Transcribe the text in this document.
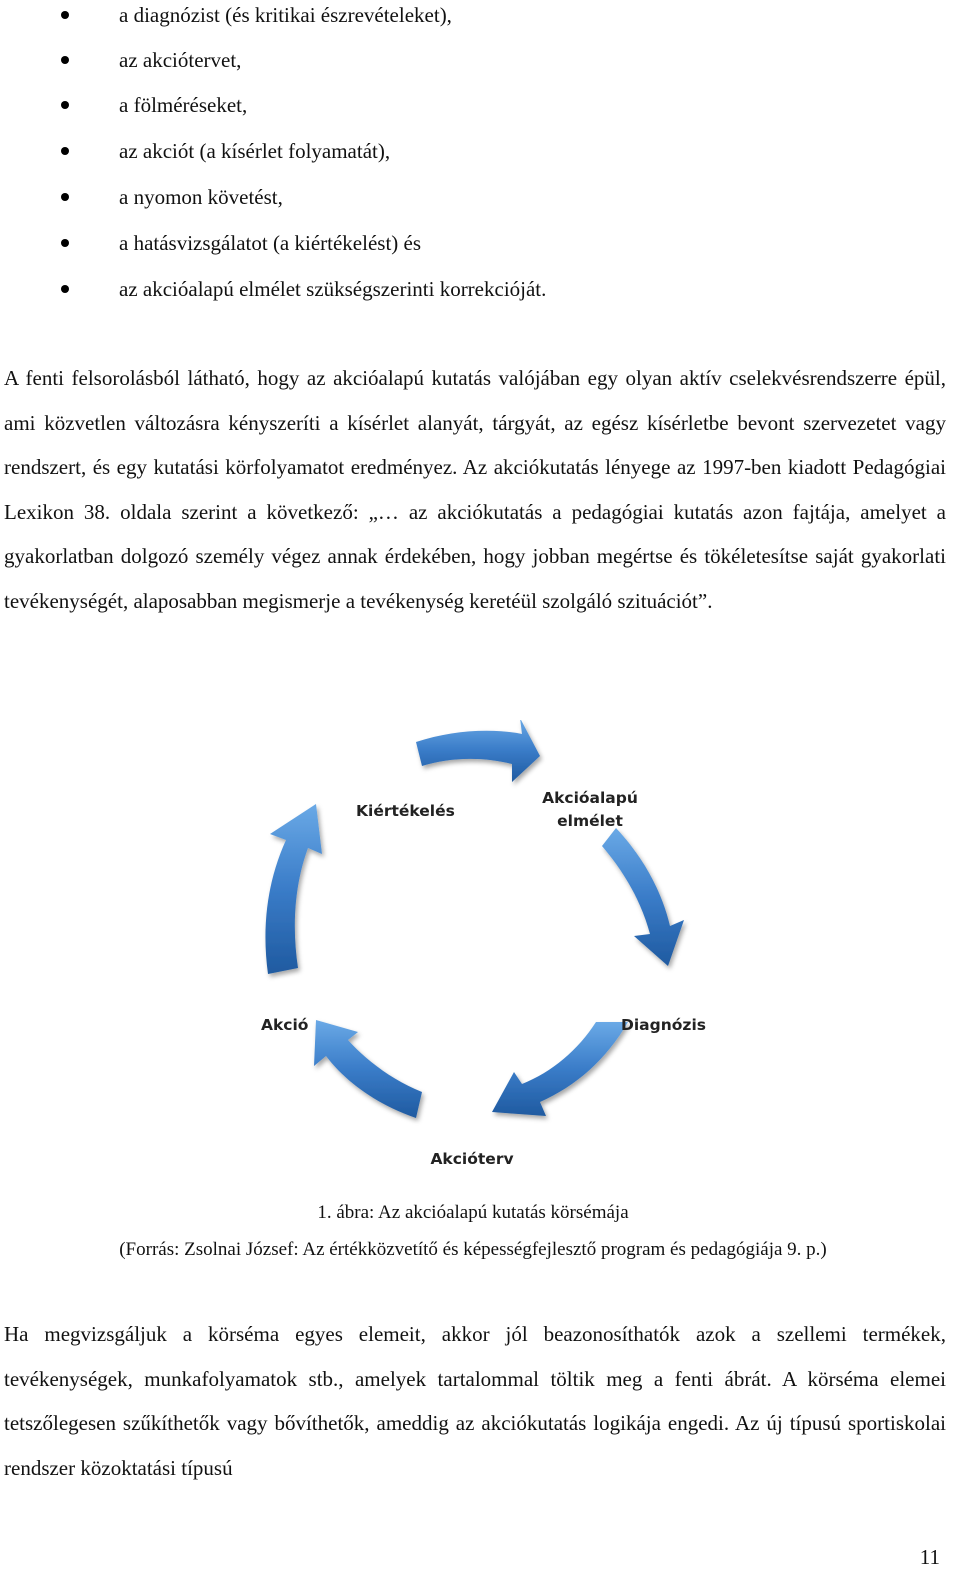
a diagnózist (és kritikai észrevételeket),
az akciótervet,
a fölméréseket,
az akciót (a kísérlet folyamatát),
a nyomon követést,
a hatásvizsgálatot (a kiértékelést) és
az akcióalapú elmélet szükségszerinti korrekcióját.

A fenti felsorolásból látható, hogy az akcióalapú kutatás valójában egy olyan aktív cselekvésrendszerre épül, ami közvetlen változásra kényszeríti a kísérlet alanyát, tárgyát, az egész kísérletbe bevont szervezetet vagy rendszert, és egy kutatási körfolyamatot eredményez. Az akciókutatás lényege az 1997-ben kiadott Pedagógiai Lexikon 38. oldala szerint a következő: „… az akciókutatás a pedagógiai kutatás azon fajtája, amelyet a gyakorlatban dolgozó személy végez annak érdekében, hogy jobban megértse és tökéletesítse saját gyakorlati tevékenységét, alaposabban megismerje a tevékenység keretéül szolgáló szituációt”.

Kiértékelés
Akcióalapú
elmélet
Diagnózis
Akcióterv
Akció

1. ábra: Az akcióalapú kutatás körsémája

(Forrás: Zsolnai József: Az értékközvetítő és képességfejlesztő program és pedagógiája 9. p.)

Ha megvizsgáljuk a körséma egyes elemeit, akkor jól beazonosíthatók azok a szellemi termékek, tevékenységek, munkafolyamatok stb., amelyek tartalommal töltik meg a fenti ábrát. A körséma elemei tetszőlegesen szűkíthetők vagy bővíthetők, ameddig az akciókutatás logikája engedi. Az új típusú sportiskolai rendszer közoktatási típusú

11
